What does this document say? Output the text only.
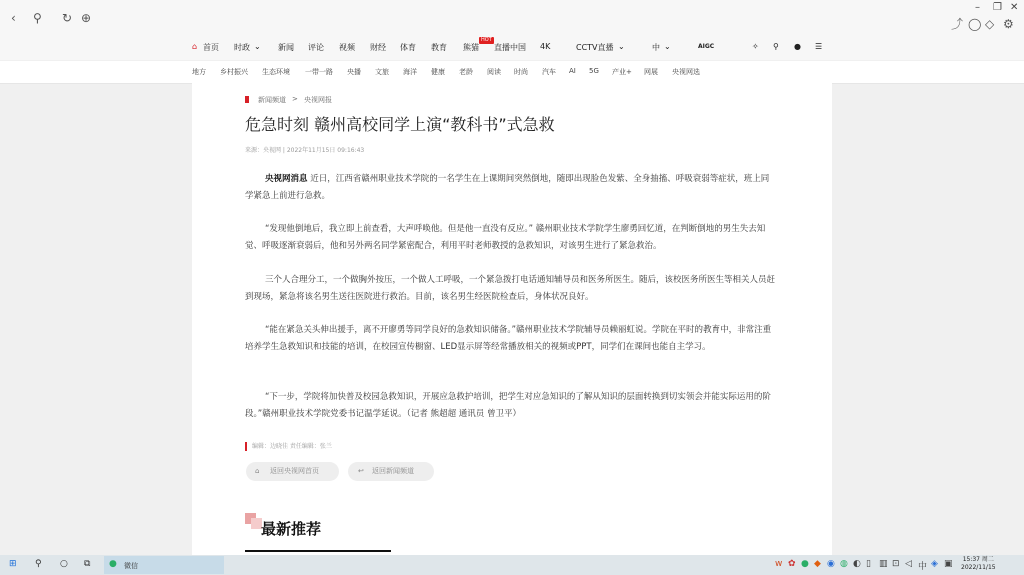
‹ ⚲ ↻ ⊕
– ❐ ✕
⤴ ◯ ◇ ⚙
⌂ 首页 时政 ⌄ 新闻 评论 视频 财经 体育 教育 熊猫
HOT
直播中国 4K	CCTV直播 ⌄	中 ⌄	AIGC	✧ ⚲ ● ☰
地方 乡村振兴 生态环境 一带一路 央播 文旅 海洋 健康 老龄 阅读 时尚 汽车 AI 5G 产业+ 网展 央视网选
新闻频道 > 央视网报
危急时刻 赣州高校同学上演“教科书”式急救
来源：央视网 | 2022年11月15日 09:16:43

央视网消息 近日，江西省赣州职业技术学院的一名学生在上课期间突然倒地，随即出现脸色发紫、全身抽搐、呼吸衰弱等症状，班上同学紧急上前进行急救。

“发现他倒地后，我立即上前查看，大声呼唤他。但是他一直没有反应。” 赣州职业技术学院学生廖勇回忆道，在判断倒地的男生失去知觉、呼吸逐渐衰弱后，他和另外两名同学紧密配合，利用平时老师教授的急救知识，对该男生进行了紧急救治。

三个人合理分工，一个做胸外按压，一个做人工呼吸，一个紧急拨打电话通知辅导员和医务所医生。随后，该校医务所医生等相关人员赶到现场，紧急将该名男生送往医院进行救治。目前，该名男生经医院检查后，身体状况良好。

“能在紧急关头伸出援手，离不开廖勇等同学良好的急救知识储备。”赣州职业技术学院辅导员赖丽虹说。学院在平时的教育中，非常注重培养学生急救知识和技能的培训，在校园宣传橱窗、LED显示屏等经常播放相关的视频或PPT，同学们在课间也能自主学习。

“下一步，学院将加快普及校园急救知识，开展应急救护培训，把学生对应急知识的了解从知识的层面转换到切实领会并能实际运用的阶段。”赣州职业技术学院党委书记温学延说。（记者 熊超超 通讯员 曾卫平）

编辑：边晓佳 责任编辑：张兰
⌂ 返回央视网首页	↩ 返回新闻频道
最新推荐
⊞ ⚲ ○ ⧉ ● 微信	w ✿ ● ◆ ◉ ◍ ◐ ▯ ▥ ⊡ ◁ 中 ◈ ▣ 15:37 周二
2022/11/15
